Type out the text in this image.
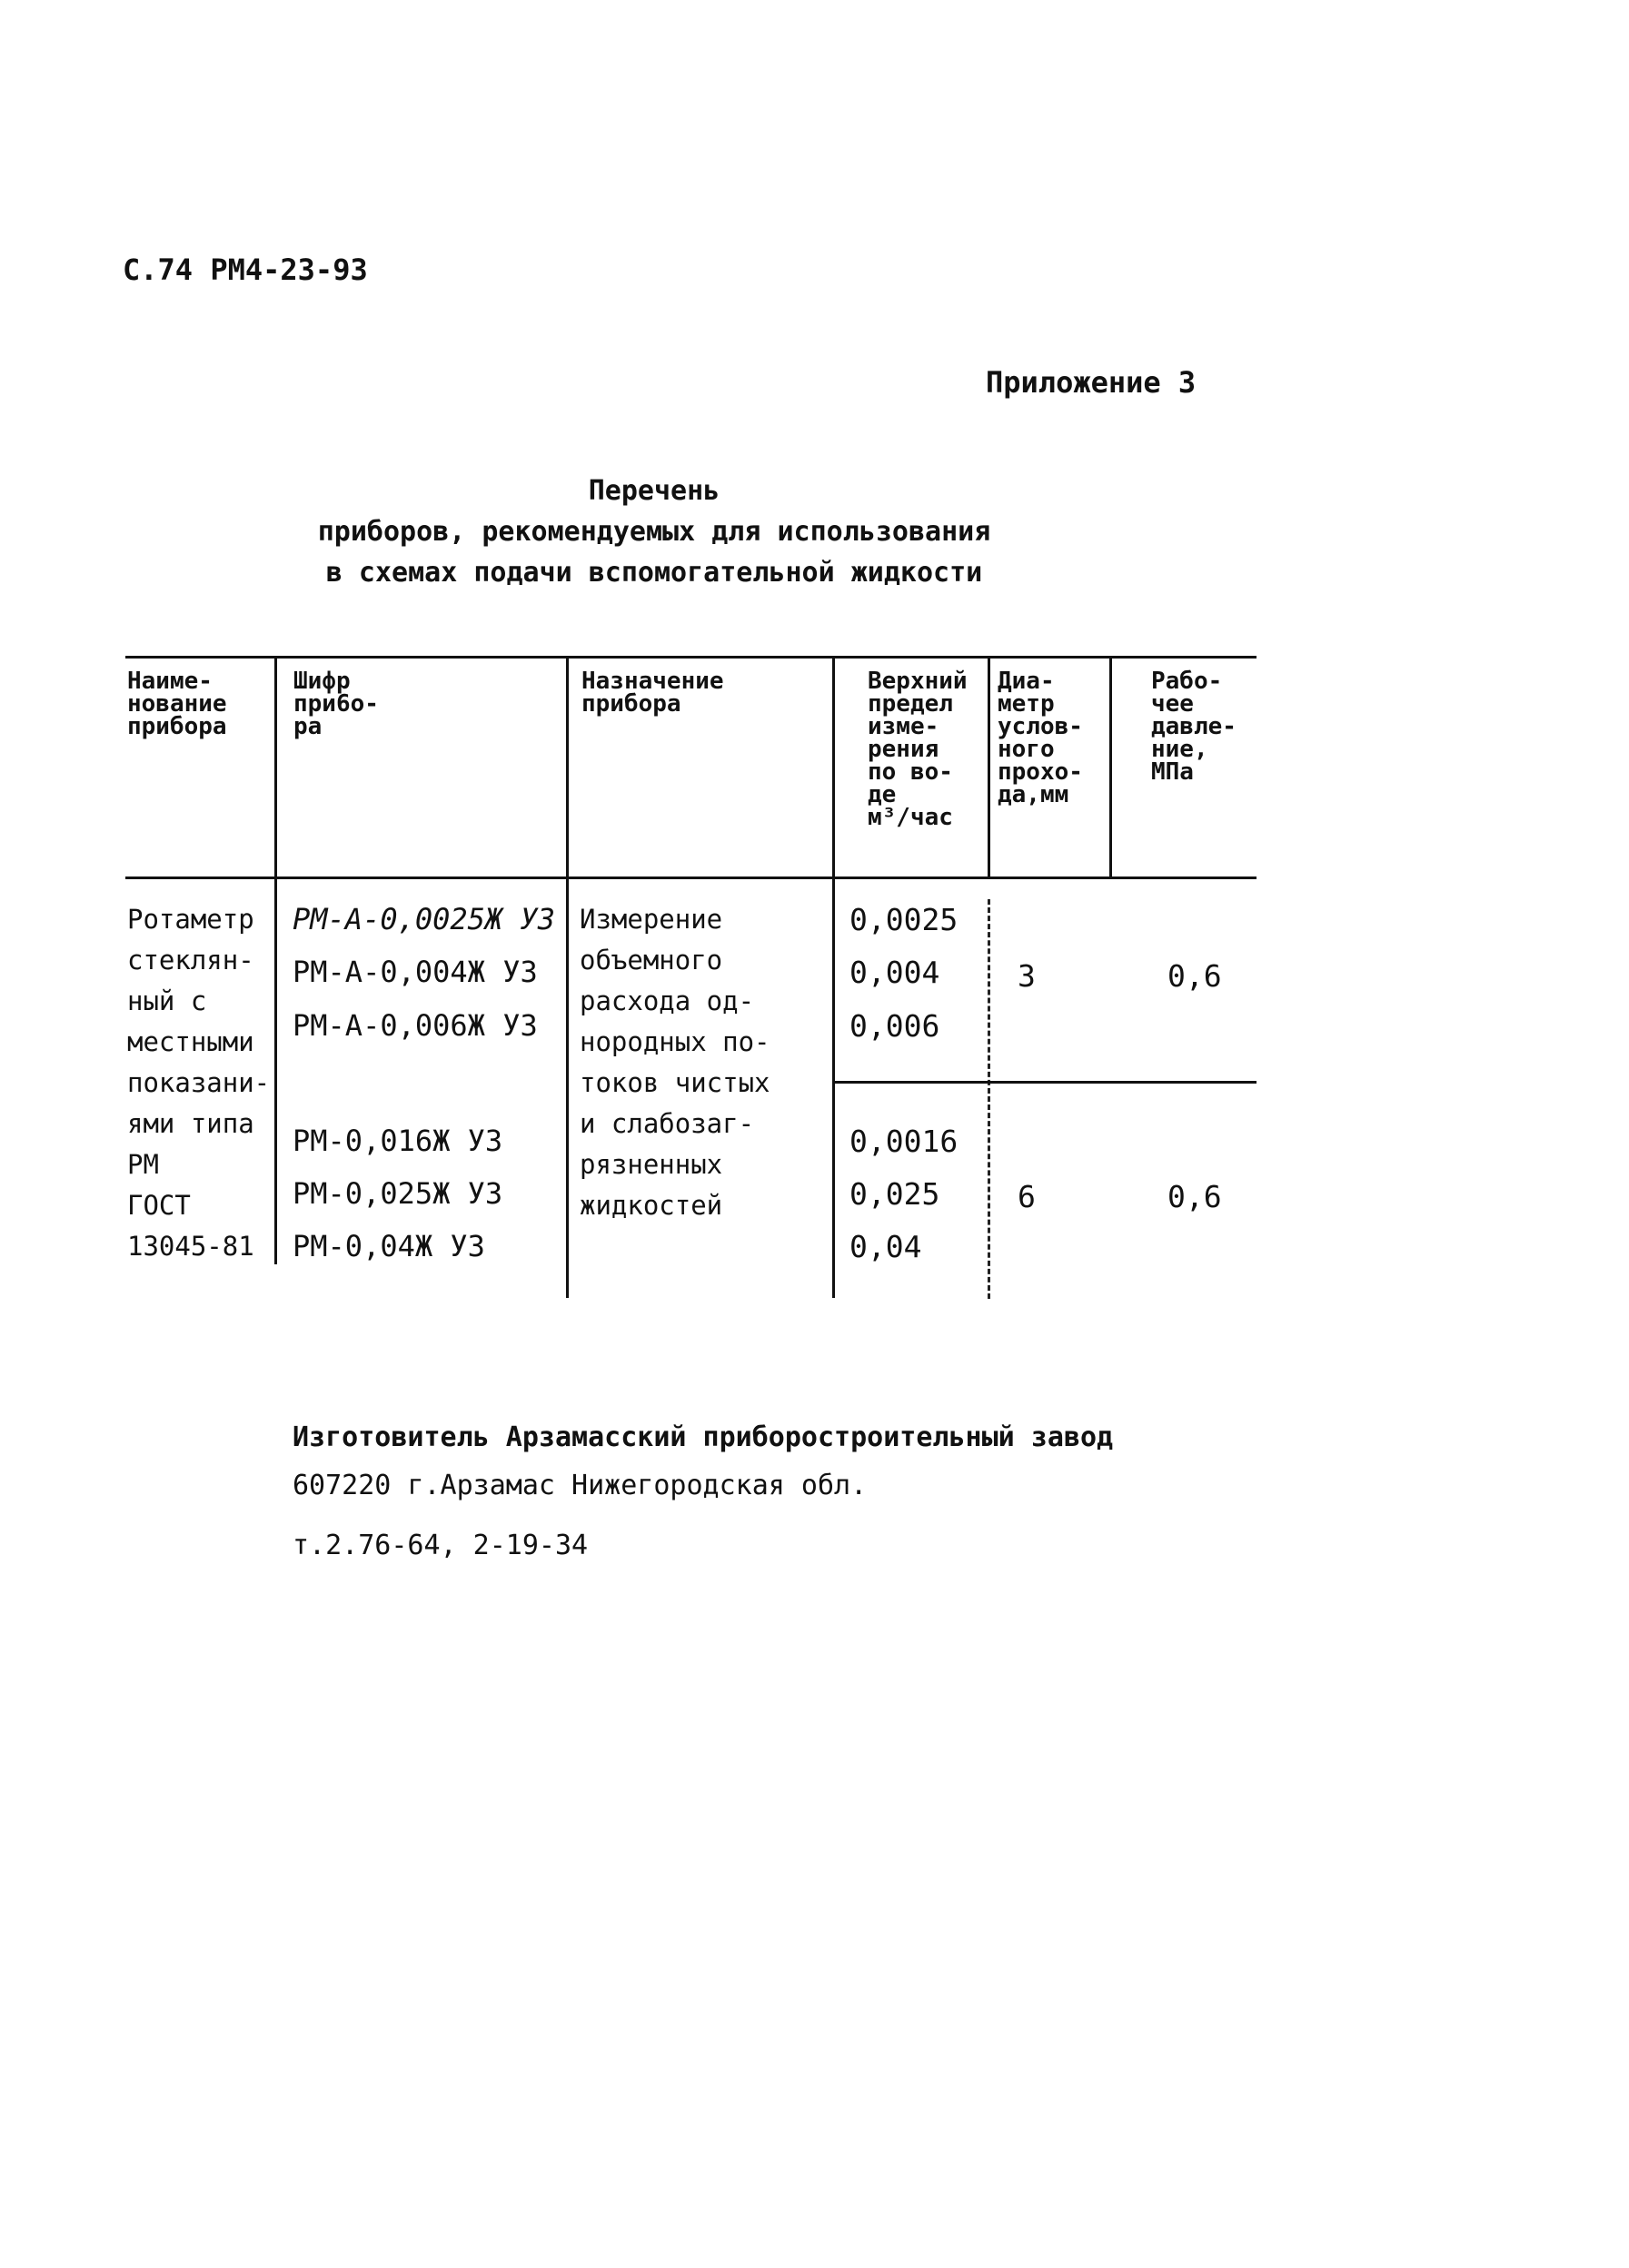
С.74 РМ4-23-93
Приложение 3
Перечень
приборов, рекомендуемых для использования
в схемах подачи вспомогательной жидкости
Наиме-
нование
прибора
Шифр
при6о-
ра
Назначение
прибора
Верхний
предел
изме-
рения
по во-
де
м³/час
Диа-
метр
услов-
ного
прохо-
да,мм
Рабо-
чее
давле-
ние,
МПа
Ротаметр
стеклян-
ный с
местными
показани-
ями типа
РМ
ГОСТ
13045-81
РМ-А-0,0025Ж УЗ
РМ-А-0,004Ж УЗ
РМ-А-0,006Ж УЗ
РМ-0,016Ж УЗ
РМ-0,025Ж УЗ
РМ-0,04Ж УЗ
Измерение
объемного
расхода од-
нородных по-
токов чистых
и слабозаг-
рязненных
жидкостей
0,0025
0,004
0,006
0,0016
0,025
0,04
3
6
0,6
0,6
Изготовитель Арзамасский приборостроительный завод
607220 г.Арзамас Нижегородская обл.
т.2.76-64, 2-19-34
